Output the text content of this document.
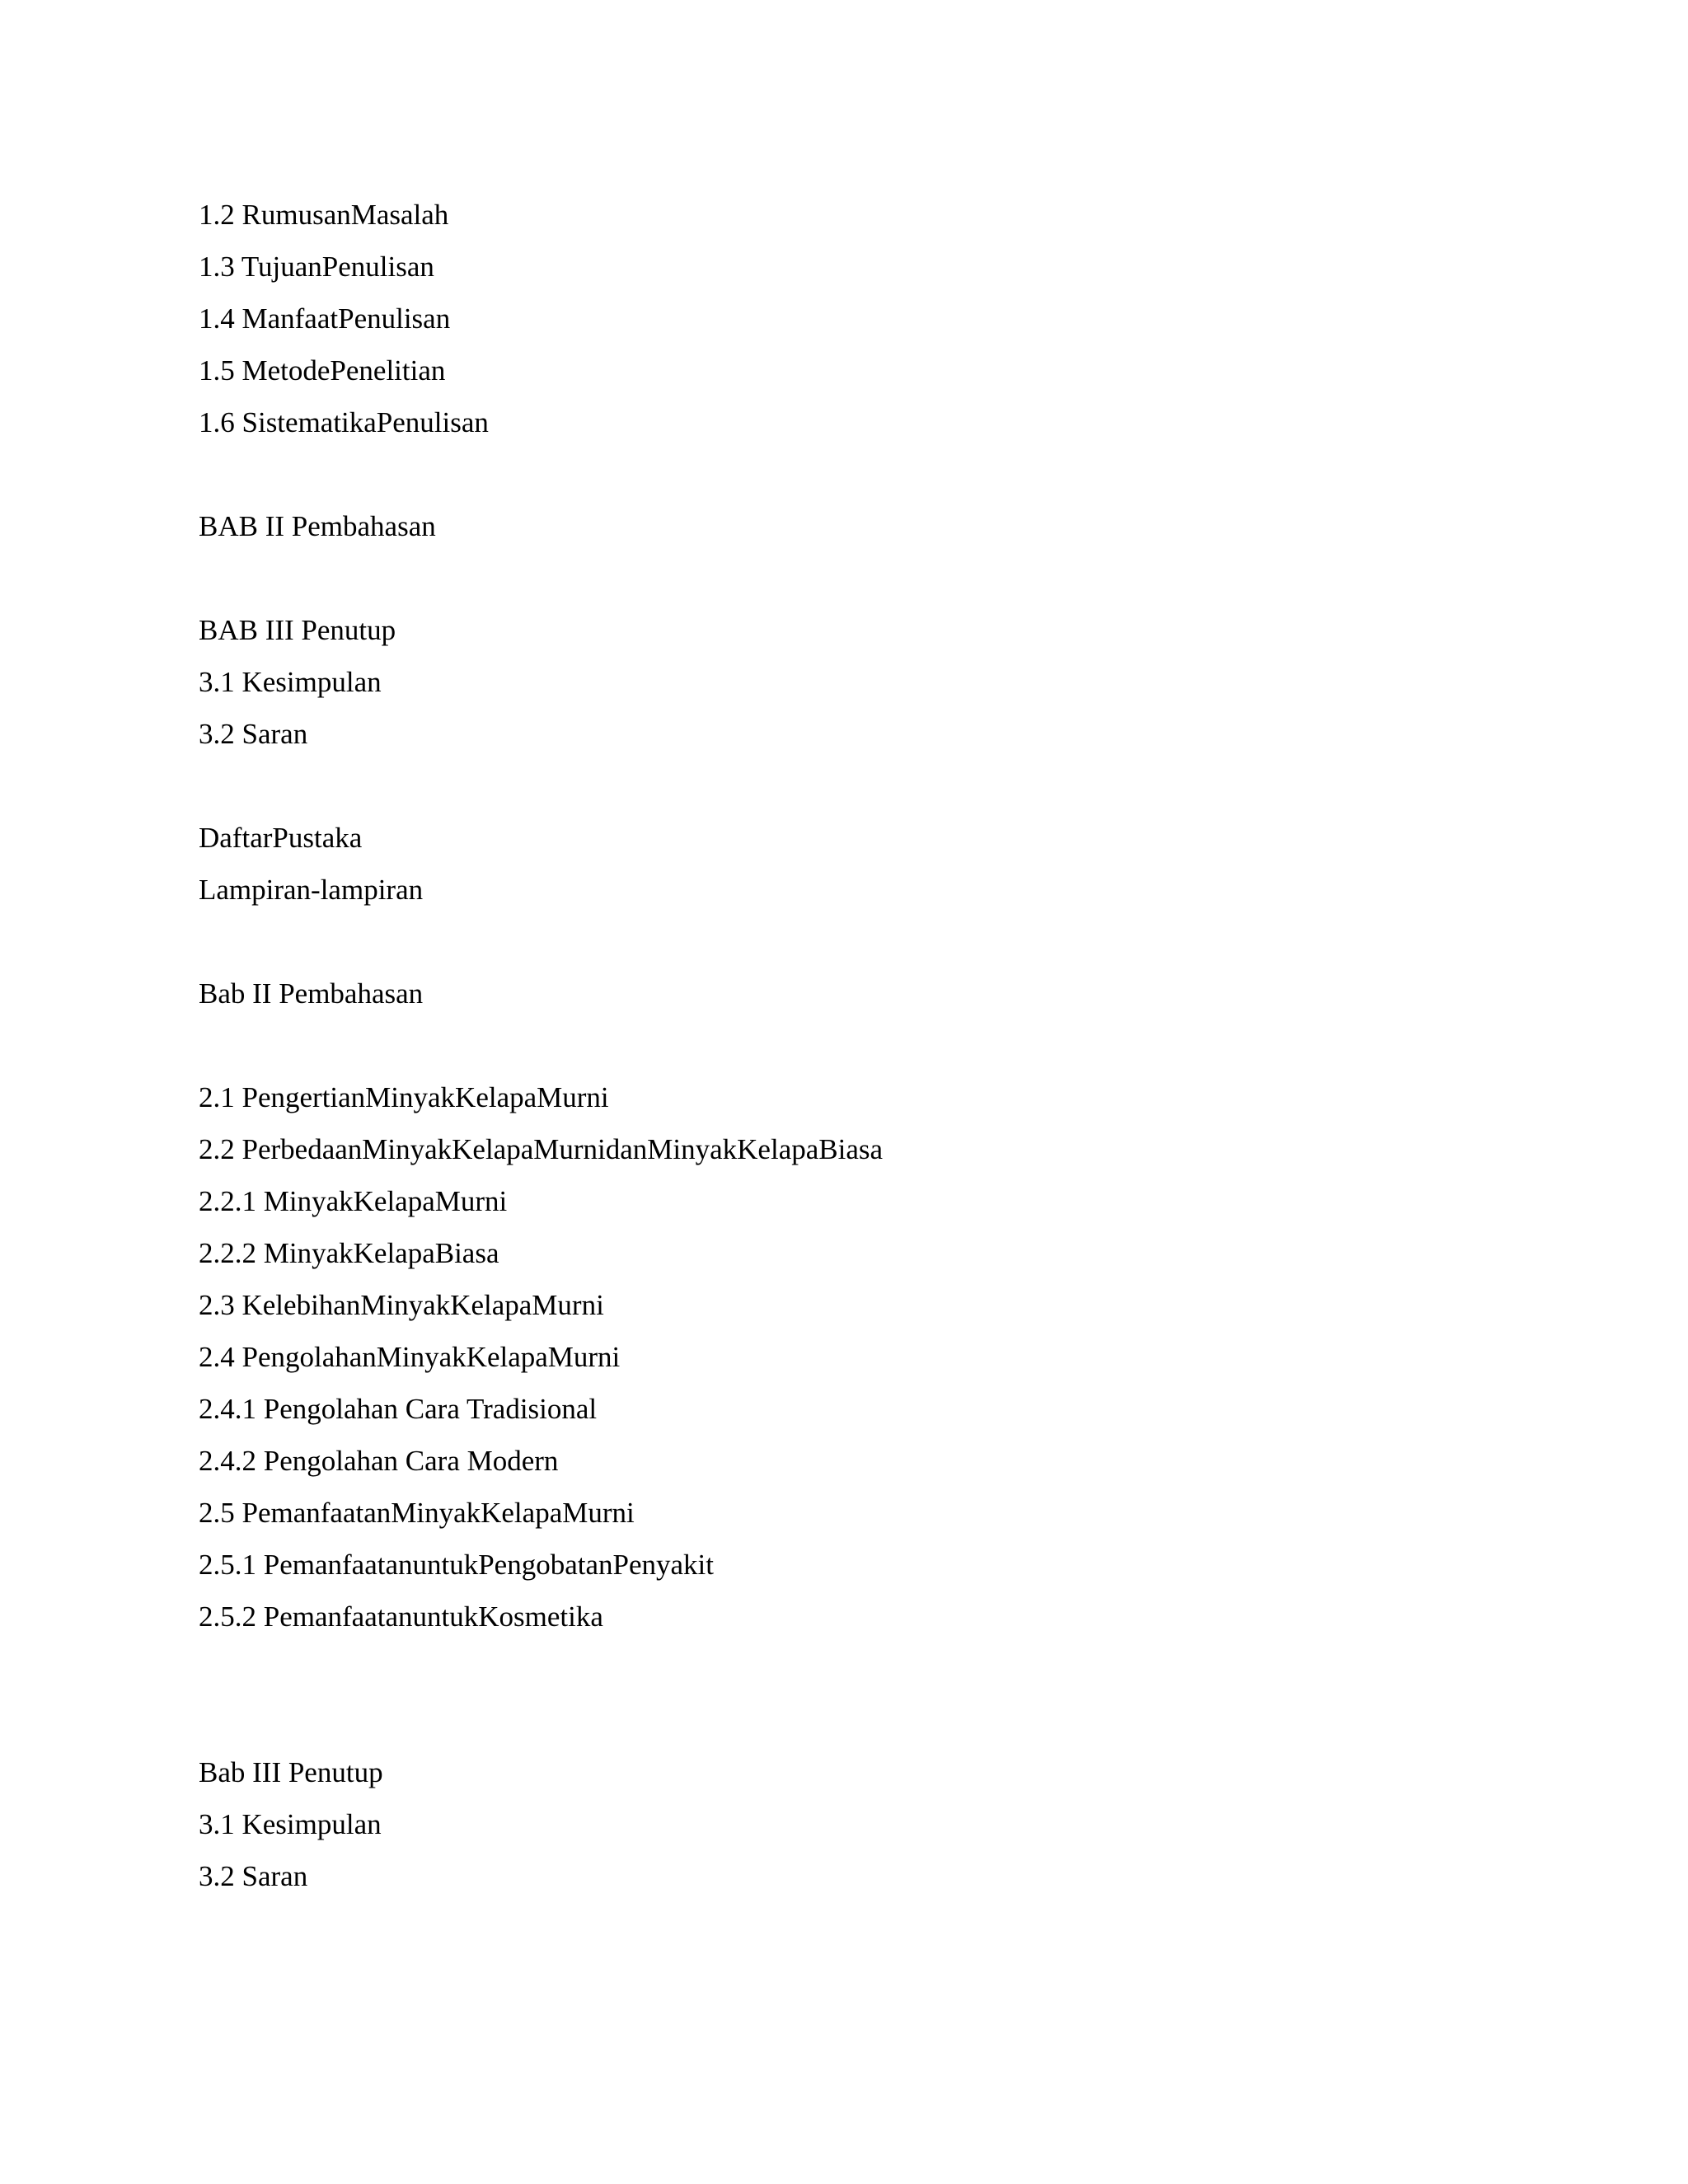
1.2 RumusanMasalah

1.3 TujuanPenulisan

1.4 ManfaatPenulisan

1.5 MetodePenelitian

1.6 SistematikaPenulisan

BAB II Pembahasan

BAB III Penutup

3.1 Kesimpulan

3.2 Saran

DaftarPustaka

Lampiran-lampiran

Bab II Pembahasan

2.1 PengertianMinyakKelapaMurni

2.2 PerbedaanMinyakKelapaMurnidanMinyakKelapaBiasa

2.2.1 MinyakKelapaMurni

2.2.2 MinyakKelapaBiasa

2.3 KelebihanMinyakKelapaMurni

2.4 PengolahanMinyakKelapaMurni

2.4.1 Pengolahan Cara Tradisional

2.4.2 Pengolahan Cara Modern

2.5 PemanfaatanMinyakKelapaMurni

2.5.1 PemanfaatanuntukPengobatanPenyakit

2.5.2 PemanfaatanuntukKosmetika

Bab III Penutup

3.1 Kesimpulan

3.2 Saran
